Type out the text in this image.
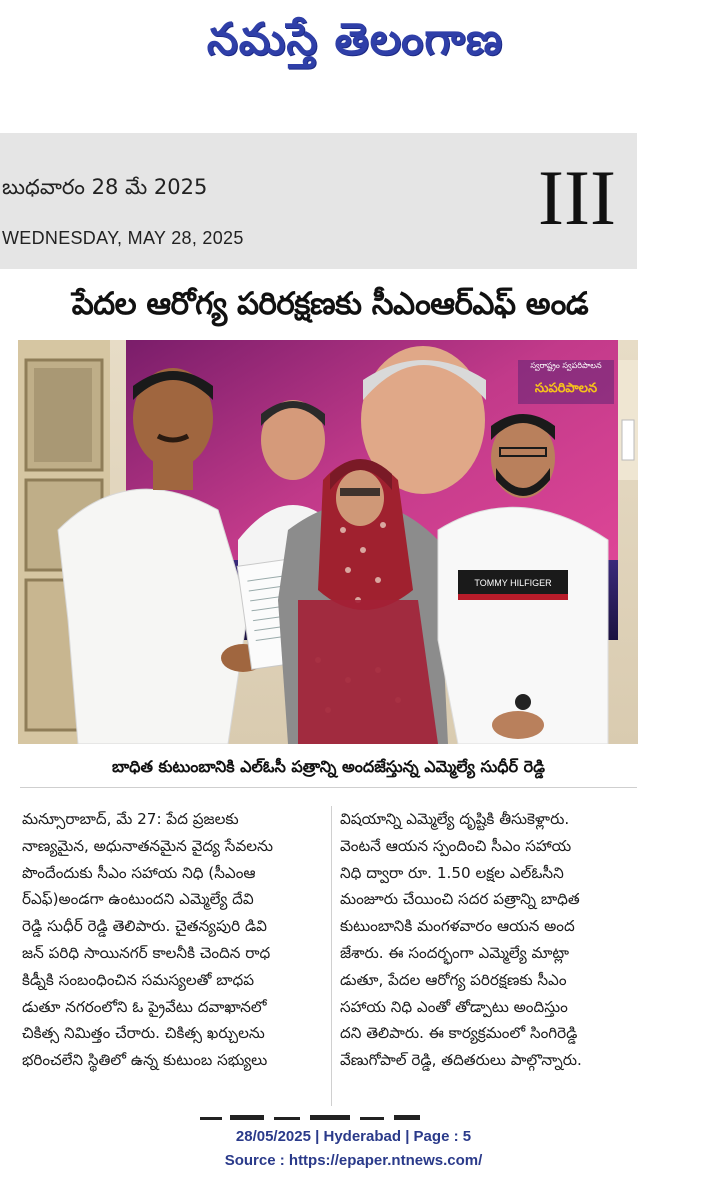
నమస్తే తెలంగాణ
బుధవారం 28 మే 2025
WEDNESDAY, MAY 28, 2025	III
పేదల ఆరోగ్య పరిరక్షణకు సీఎంఆర్‌ఎఫ్ అండ
స్వరాష్ట్రం స్వపరిపాలన
సుపరిపాలన
TOMMY HILFIGER
బాధిత కుటుంబానికి ఎల్‌ఓసీ పత్రాన్ని అందజేస్తున్న ఎమ్మెల్యే సుధీర్ రెడ్డి
మన్సూరాబాద్, మే 27: పేద ప్రజలకు
నాణ్యమైన, అధునాతనమైన వైద్య సేవలను
పొందేందుకు సీఎం సహాయ నిధి (సీఎంఆ
ర్‌ఎఫ్)అండగా ఉంటుందని ఎమ్మెల్యే దేవి
రెడ్డి సుధీర్ రెడ్డి తెలిపారు. చైతన్యపురి డివి
జన్ పరిధి సాయినగర్ కాలనీకి చెందిన రాధ
కిడ్నీకి సంబంధించిన సమస్యలతో బాధప
డుతూ నగరంలోని ఓ ప్రైవేటు దవాఖానలో
చికిత్స నిమిత్తం చేరారు. చికిత్స ఖర్చులను
భరించలేని స్థితిలో ఉన్న కుటుంబ సభ్యులు
విషయాన్ని ఎమ్మెల్యే దృష్టికి తీసుకెళ్లారు.
వెంటనే ఆయన స్పందించి సీఎం సహాయ
నిధి ద్వారా రూ. 1.50 లక్షల ఎల్‌ఓసీని
మంజూరు చేయించి సదర పత్రాన్ని బాధిత
కుటుంబానికి మంగళవారం ఆయన అంద
జేశారు. ఈ సందర్భంగా ఎమ్మెల్యే మాట్లా
డుతూ, పేదల ఆరోగ్య పరిరక్షణకు సీఎం
సహాయ నిధి ఎంతో తోడ్పాటు అందిస్తుం
దని తెలిపారు. ఈ కార్యక్రమంలో సింగిరెడ్డి
వేణుగోపాల్ రెడ్డి, తదితరులు పాల్గొన్నారు.
28/05/2025 | Hyderabad | Page : 5
Source : https://epaper.ntnews.com/
